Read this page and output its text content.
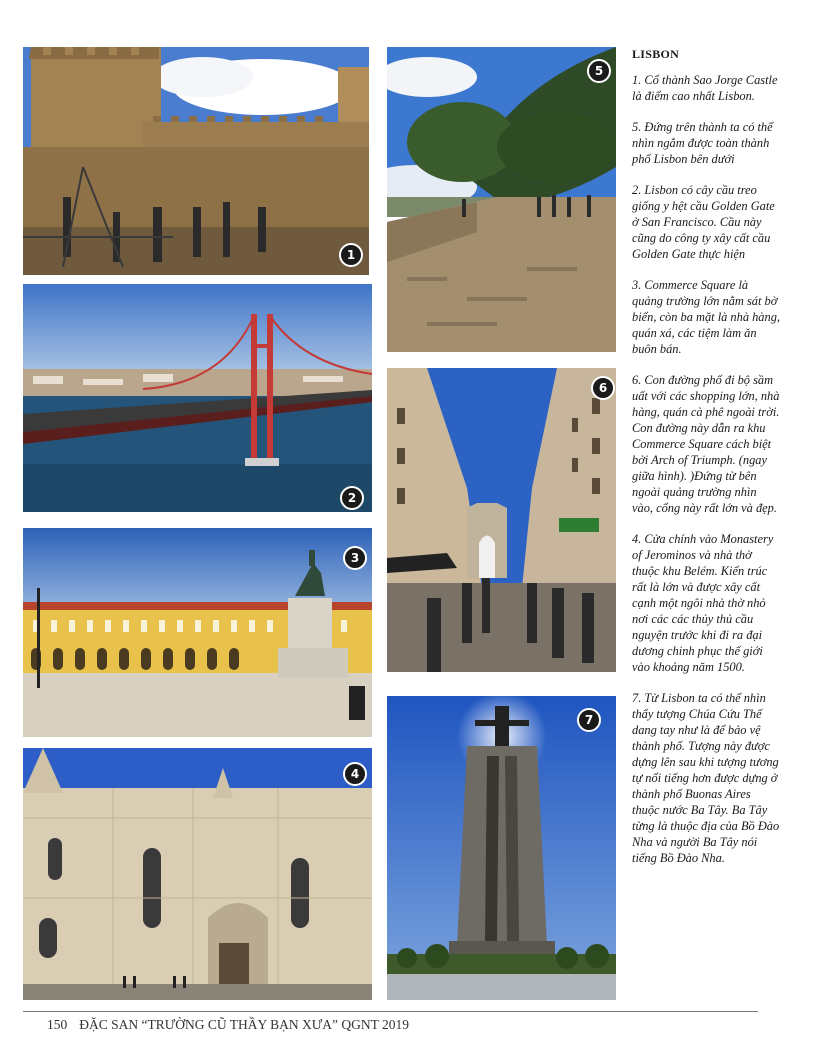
1
2
3
4
5
6
7
LISBON

1. Cổ thành Sao Jorge Castle là điểm cao nhất Lisbon.

5. Đứng trên thành ta có thể nhìn ngắm được toàn thành phố Lisbon bên dưới

2. Lisbon có cây cầu treo giống y hệt cầu Golden Gate ở San Francisco. Cầu này cũng do công ty xây cất cầu Golden Gate thực hiện

3. Commerce Square là quảng trường lớn nằm sát bờ biển, còn ba mặt là nhà hàng, quán xá, các tiệm làm ăn buôn bán.

6. Con đường phố đi bộ sầm uất với các shopping lớn, nhà hàng, quán cà phê ngoài trời. Con đường này dẫn ra khu Commerce Square cách biệt bởi Arch of Triumph. (ngay giữa hình). )Đứng từ bên ngoài quảng trường nhìn vào, cổng này rất lớn và đẹp.

4. Cửa chính vào Monastery of Jerominos và nhà thờ thuộc khu Belém. Kiến trúc rất là lớn và được xây cất cạnh một ngôi nhà thờ nhỏ nơi các các thủy thủ cầu nguyện trước khi đi ra đại dương chinh phục thế giới vào khoảng năm 1500.

7. Từ Lisbon ta có thể nhìn thấy tượng Chúa Cứu Thế dang tay như là để bảo vệ thành phố. Tượng này được dựng lên sau khi tượng tương tự nổi tiếng hơn được dựng ở thành phố Buonas Aires thuộc nước Ba Tây. Ba Tây từng là thuộc địa của Bồ Đào Nha và người Ba Tây nói tiếng Bồ Đào Nha.

150 ĐẶC SAN “TRƯỜNG CŨ THẦY BẠN XƯA” QGNT 2019
